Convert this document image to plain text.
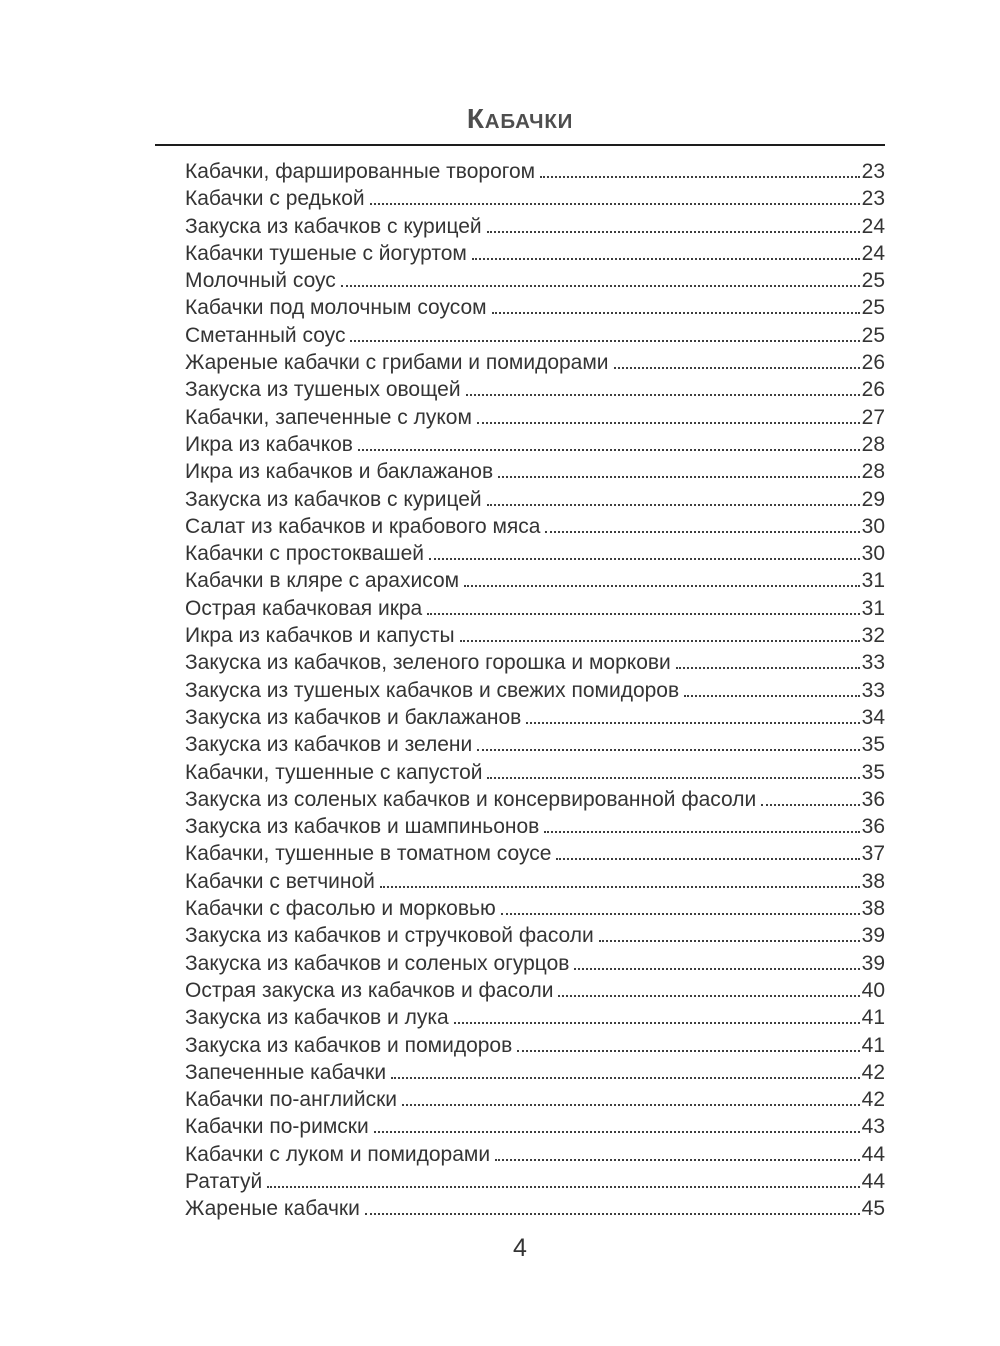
КАБАЧКИ
Кабачки, фаршированные творогом	23
Кабачки с редькой	23
Закуска из кабачков с курицей	24
Кабачки тушеные с йогуртом	24
Молочный соус	25
Кабачки под молочным соусом	25
Сметанный соус	25
Жареные кабачки с грибами и помидорами	26
Закуска из тушеных овощей	26
Кабачки, запеченные с луком	27
Икра из кабачков	28
Икра из кабачков и баклажанов	28
Закуска из кабачков с курицей	29
Салат из кабачков и крабового мяса	30
Кабачки с простоквашей	30
Кабачки в кляре с арахисом	31
Острая кабачковая икра	31
Икра из кабачков и капусты	32
Закуска из кабачков, зеленого горошка и моркови	33
Закуска из тушеных кабачков и свежих помидоров	33
Закуска из кабачков и баклажанов	34
Закуска из кабачков и зелени	35
Кабачки, тушенные с капустой	35
Закуска из соленых кабачков и консервированной фасоли	36
Закуска из кабачков и шампиньонов	36
Кабачки, тушенные в томатном соусе	37
Кабачки с ветчиной	38
Кабачки с фасолью и морковью	38
Закуска из кабачков и стручковой фасоли	39
Закуска из кабачков и соленых огурцов	39
Острая закуска из кабачков и фасоли	40
Закуска из кабачков и лука	41
Закуска из кабачков и помидоров	41
Запеченные кабачки	42
Кабачки по-английски	42
Кабачки по-римски	43
Кабачки с луком и помидорами	44
Рататуй	44
Жареные кабачки	45
4
